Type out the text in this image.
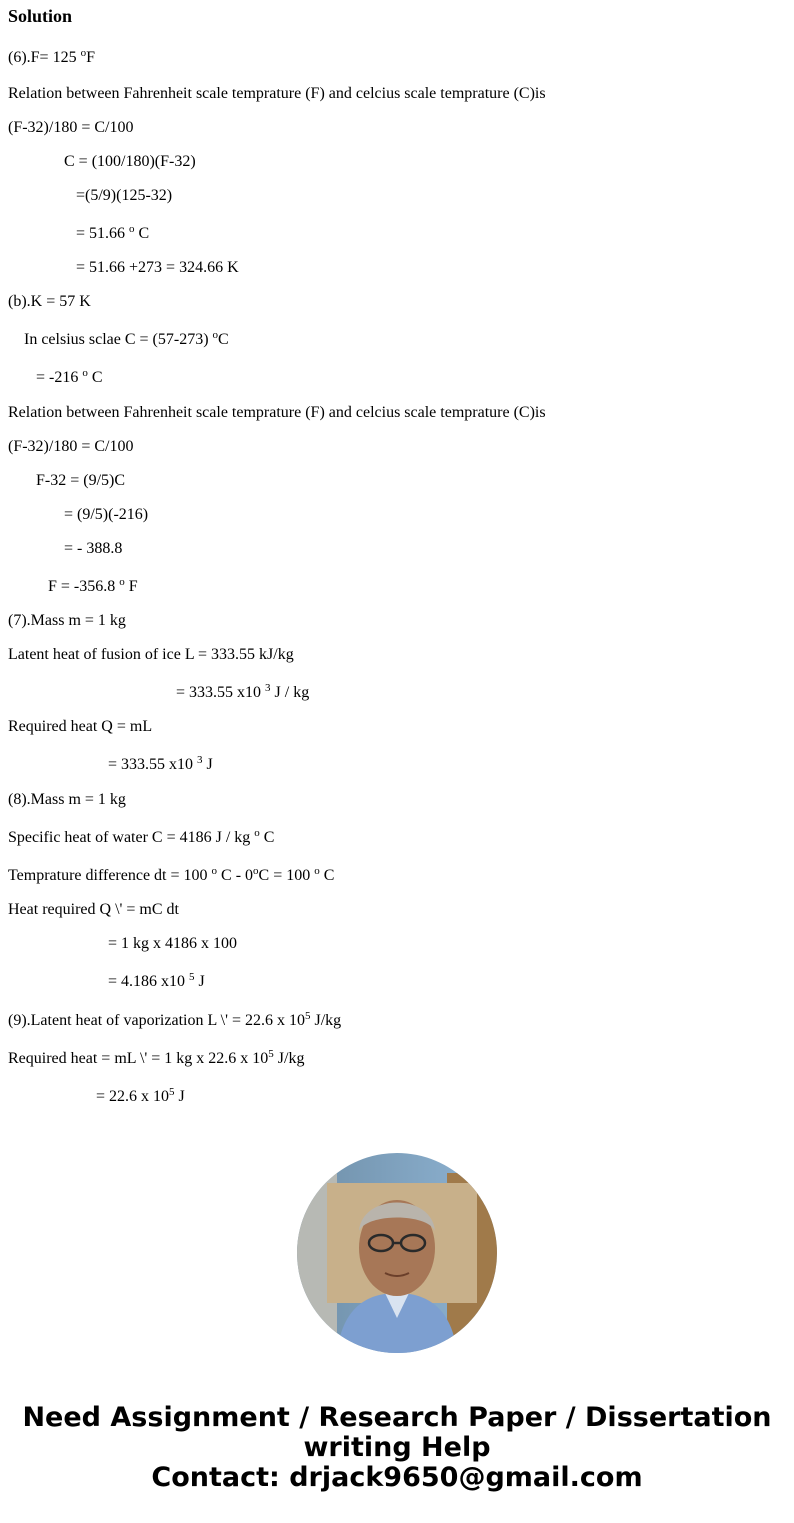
Solution
(6).F= 125 $^o$F
Relation between Fahrenheit scale temprature (F) and celcius scale temprature (C)is
(F-32)/180 = C/100
C = (100/180)(F-32)
=(5/9)(125-32)
= 51.66 $^o$ C
= 51.66 +273 = 324.66 K
(b).K = 57 K
In celsius sclae C = (57-273) $^o$C
= -216 $^o$ C
Relation between Fahrenheit scale temprature (F) and celcius scale temprature (C)is
(F-32)/180 = C/100
F-32 = (9/5)C
= (9/5)(-216)
= - 388.8
F = -356.8 $^o$ F
(7).Mass m = 1 kg
Latent heat of fusion of ice L = 333.55 kJ/kg
= 333.55 x10 $^3$ J / kg
Required heat Q = mL
= 333.55 x10 $^3$ J
(8).Mass m = 1 kg
Specific heat of water C = 4186 J / kg $^o$ C
Temprature difference dt = 100 $^o$ $C - 0^oC = 100$ $^o$ C
Heat required Q \' = mC dt
= 1 kg x 4186 x 100
= 4.186 x10 $^5$ J
(9).Latent heat of vaporization L \' = 22.6 x $10^5$ J/kg
Required heat = mL \' = 1 kg x 22.6 x $10^5$ J/kg
= 22.6 x $10^5$ J
Need Assignment / Research Paper / Dissertation
writing Help
Contact: drjack9650@gmail.com
